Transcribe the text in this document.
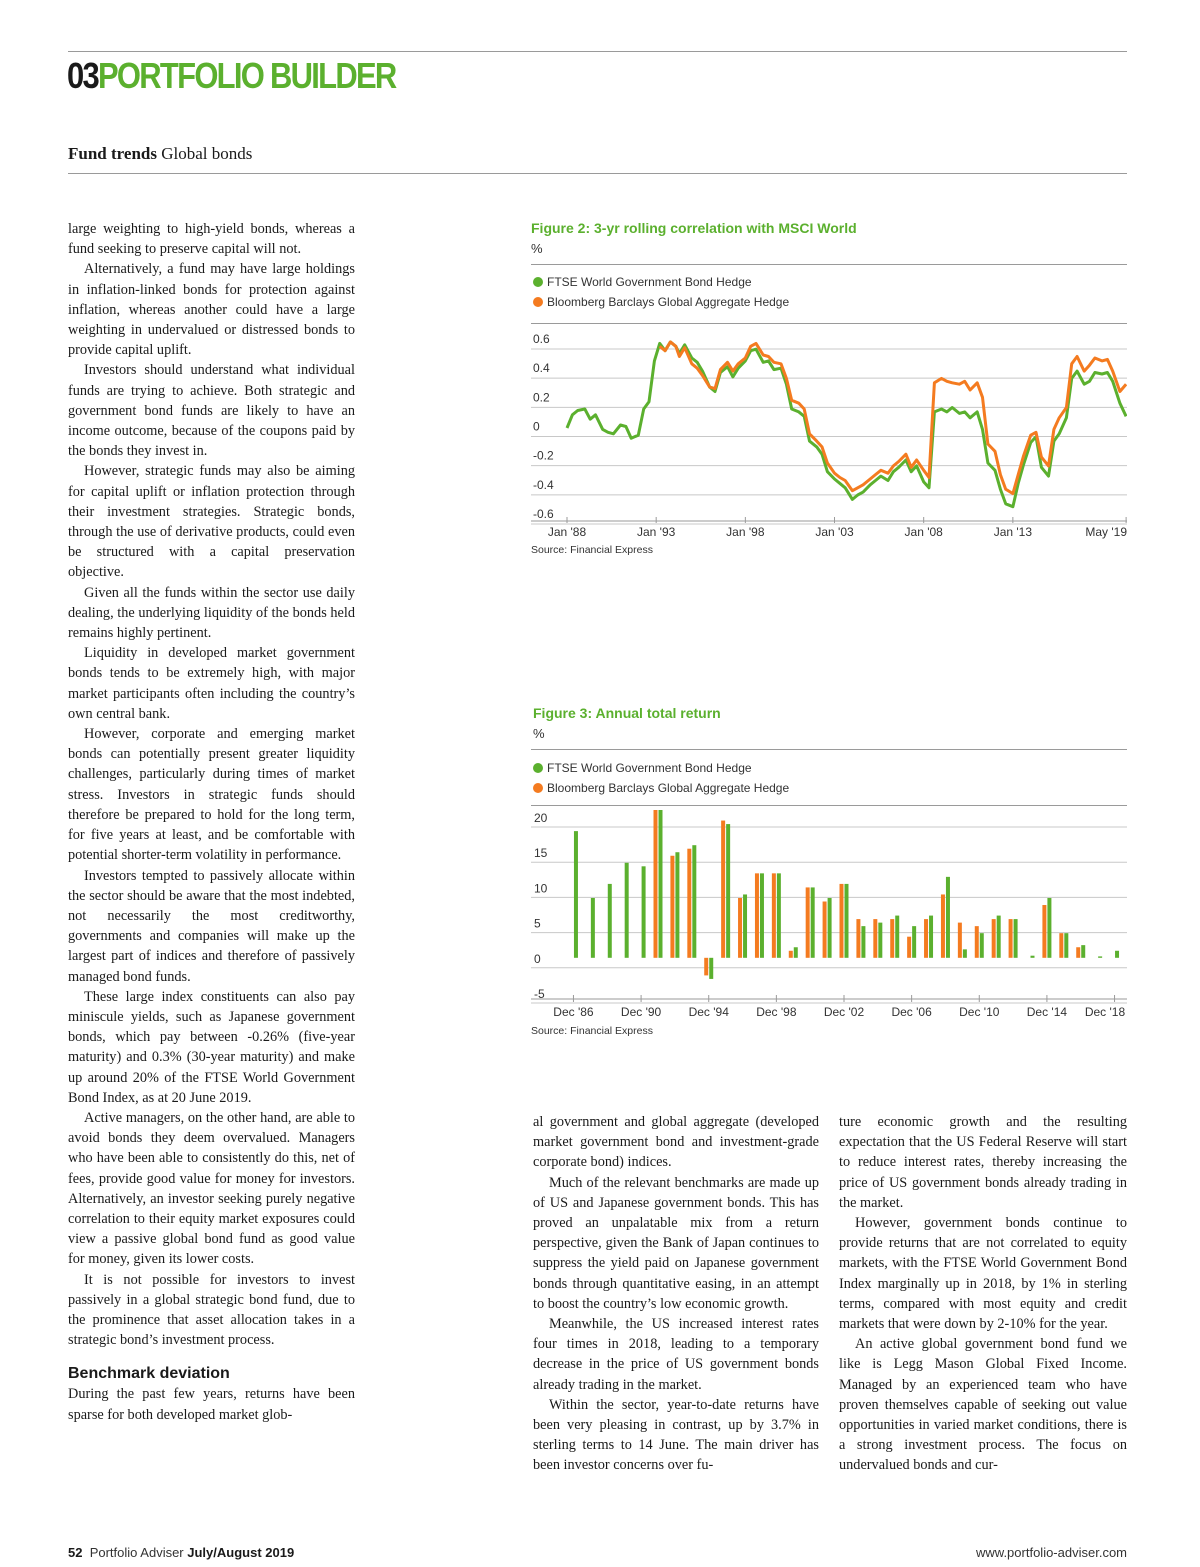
03PORTFOLIO BUILDER
Fund trends Global bonds

large weighting to high-yield bonds, whereas a fund seeking to preserve capital will not.

Alternatively, a fund may have large holdings in inflation-linked bonds for protection against inflation, whereas another could have a large weighting in undervalued or distressed bonds to provide capital uplift.

Investors should understand what individual funds are trying to achieve. Both strategic and government bond funds are likely to have an income outcome, because of the coupons paid by the bonds they invest in.

However, strategic funds may also be aiming for capital uplift or inflation protection through their investment strategies. Strategic bonds, through the use of derivative products, could even be structured with a capital preservation objective.

Given all the funds within the sector use daily dealing, the underlying liquidity of the bonds held remains highly pertinent.

Liquidity in developed market government bonds tends to be extremely high, with major market participants often including the country’s own central bank.

However, corporate and emerging market bonds can potentially present greater liquidity challenges, particularly during times of market stress. Investors in strategic funds should therefore be prepared to hold for the long term, for five years at least, and be comfortable with potential shorter-term volatility in performance.

Investors tempted to passively allocate within the sector should be aware that the most indebted, not necessarily the most creditworthy, governments and companies will make up the largest part of indices and therefore of passively managed bond funds.

These large index constituents can also pay miniscule yields, such as Japanese government bonds, which pay between -0.26% (five-year maturity) and 0.3% (30-year maturity) and make up around 20% of the FTSE World Government Bond Index, as at 20 June 2019.

Active managers, on the other hand, are able to avoid bonds they deem overvalued. Managers who have been able to consistently do this, net of fees, provide good value for money for investors. Alternatively, an investor seeking purely negative correlation to their equity market exposures could view a passive global bond fund as good value for money, given its lower costs.

It is not possible for investors to invest passively in a global strategic bond fund, due to the prominence that asset allocation takes in a strategic bond’s investment process.

Benchmark deviation

During the past few years, returns have been sparse for both developed market glob-

Figure 2: 3-yr rolling correlation with MSCI World
%
FTSE World Government Bond Hedge
Bloomberg Barclays Global Aggregate Hedge
0.6
0.4
0.2
0
-0.2
-0.4
-0.6
Jan '88	Jan '93	Jan '98	Jan '03	Jan '08	Jan '13	May '19
Source: Financial Express
Figure 3: Annual total return
%
FTSE World Government Bond Hedge
Bloomberg Barclays Global Aggregate Hedge
20
15
10
5
0
-5
Dec '86 Dec '90 Dec '94 Dec '98 Dec '02 Dec '06 Dec '10 Dec '14 Dec '18
Source: Financial Express

al government and global aggregate (developed market government bond and investment-grade corporate bond) indices.

Much of the relevant benchmarks are made up of US and Japanese government bonds. This has proved an unpalatable mix from a return perspective, given the Bank of Japan continues to suppress the yield paid on Japanese government bonds through quantitative easing, in an attempt to boost the country’s low economic growth.

Meanwhile, the US increased interest rates four times in 2018, leading to a temporary decrease in the price of US government bonds already trading in the market.

Within the sector, year-to-date returns have been very pleasing in contrast, up by 3.7% in sterling terms to 14 June. The main driver has been investor concerns over fu-

ture economic growth and the resulting expectation that the US Federal Reserve will start to reduce interest rates, thereby increasing the price of US government bonds already trading in the market.

However, government bonds continue to provide returns that are not correlated to equity markets, with the FTSE World Government Bond Index marginally up in 2018, by 1% in sterling terms, compared with most equity and credit markets that were down by 2-10% for the year.

An active global government bond fund we like is Legg Mason Global Fixed Income. Managed by an experienced team who have proven themselves capable of seeking out value opportunities in varied market conditions, there is a strong investment process. The focus on undervalued bonds and cur-

52 Portfolio Adviser July/August 2019	www.portfolio-adviser.com
